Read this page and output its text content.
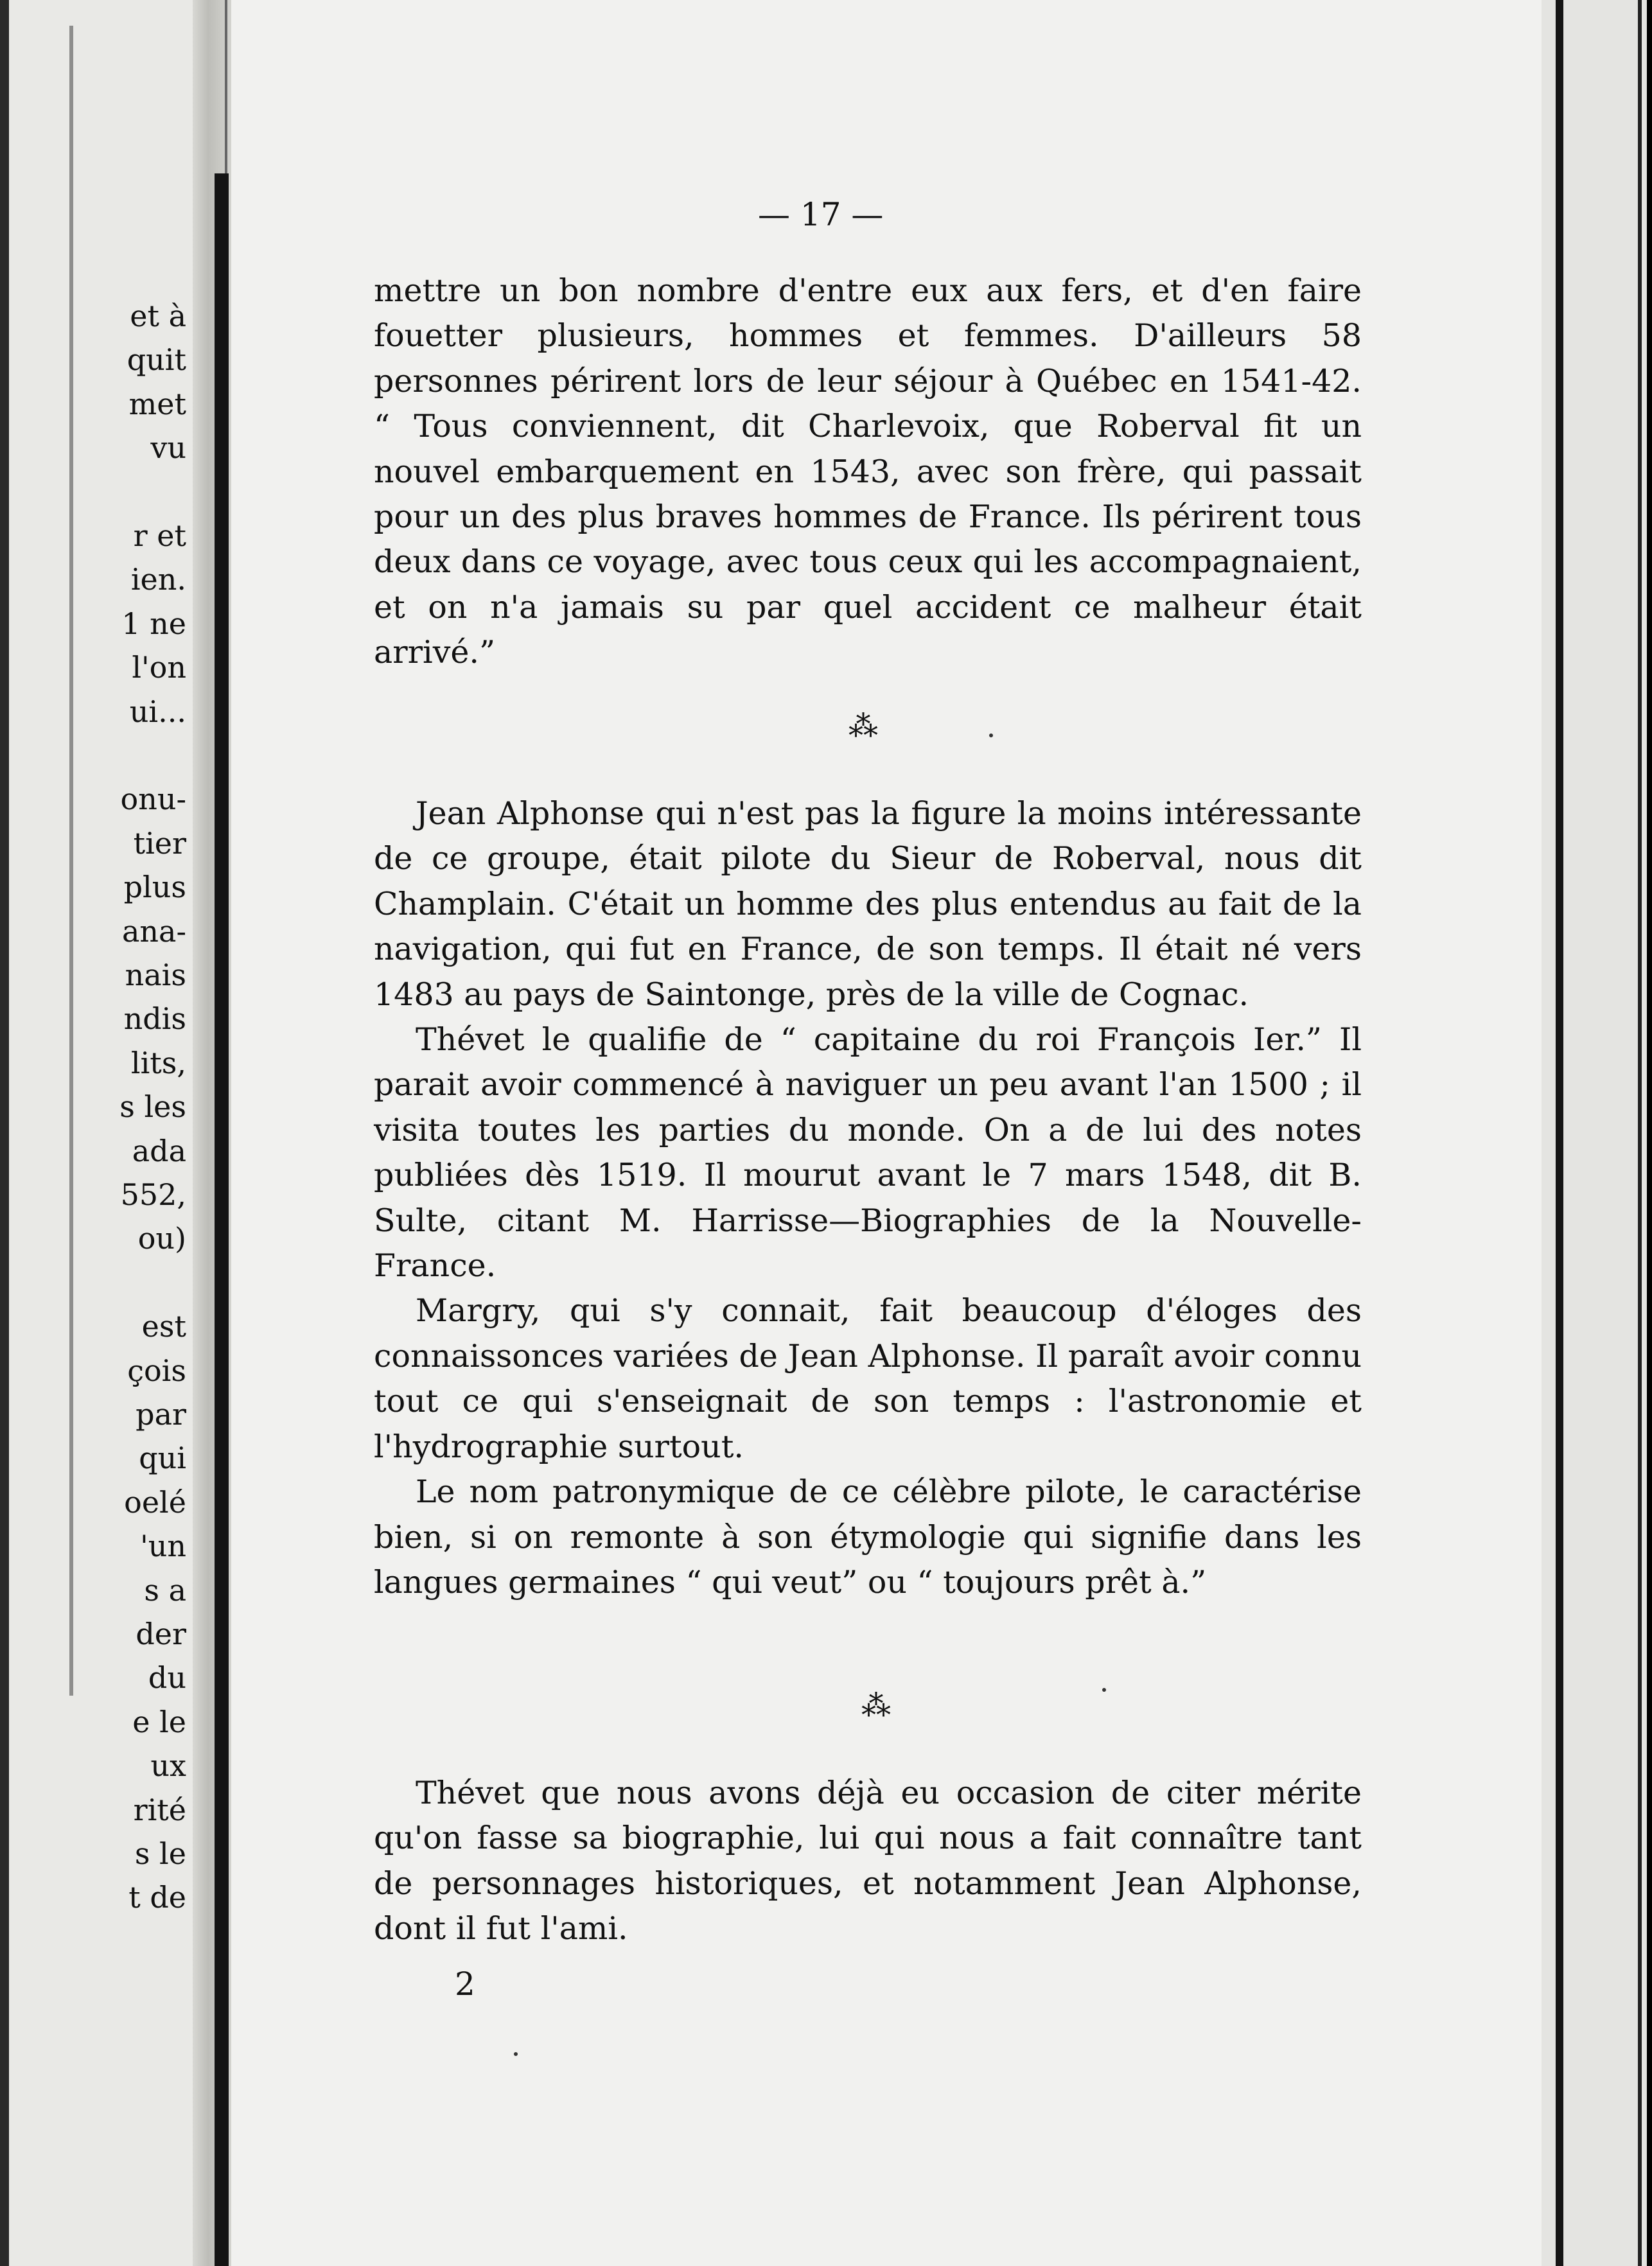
et à
quit
met
vu
r et
ien.
1 ne
l'on
ui...
onu-
tier
plus
ana-
nais
ndis
lits,
s les
ada
552,
ou)
est
çois
par
qui
oelé
'un
s a
der
du
e le
ux
rité
s le
t de
— 17 —

mettre un bon nombre d'entre eux aux fers, et d'en faire fouetter plusieurs, hommes et femmes. D'ailleurs 58 personnes périrent lors de leur séjour à Québec en 1541-42. “ Tous conviennent, dit Charlevoix, que Roberval fit un nouvel embarquement en 1543, avec son frère, qui passait pour un des plus braves hommes de France. Ils périrent tous deux dans ce voyage, avec tous ceux qui les accompagnaient, et on n'a jamais su par quel accident ce malheur était arrivé.”

⁂

Jean Alphonse qui n'est pas la figure la moins intéressante de ce groupe, était pilote du Sieur de Roberval, nous dit Champlain. C'était un homme des plus entendus au fait de la navigation, qui fut en France, de son temps. Il était né vers 1483 au pays de Saintonge, près de la ville de Cognac.

Thévet le qualifie de “ capitaine du roi François Ier.” Il parait avoir commencé à naviguer un peu avant l'an 1500 ; il visita toutes les parties du monde. On a de lui des notes publiées dès 1519. Il mourut avant le 7 mars 1548, dit B. Sulte, citant M. Harrisse—Biographies de la Nouvelle-France.

Margry, qui s'y connait, fait beaucoup d'éloges des connaissonces variées de Jean Alphonse. Il paraît avoir connu tout ce qui s'enseignait de son temps : l'astronomie et l'hydrographie surtout.

Le nom patronymique de ce célèbre pilote, le caractérise bien, si on remonte à son étymologie qui signifie dans les langues germaines “ qui veut” ou “ toujours prêt à.”

⁂

Thévet que nous avons déjà eu occasion de citer mérite qu'on fasse sa biographie, lui qui nous a fait connaître tant de personnages historiques, et notamment Jean Alphonse, dont il fut l'ami.

2
